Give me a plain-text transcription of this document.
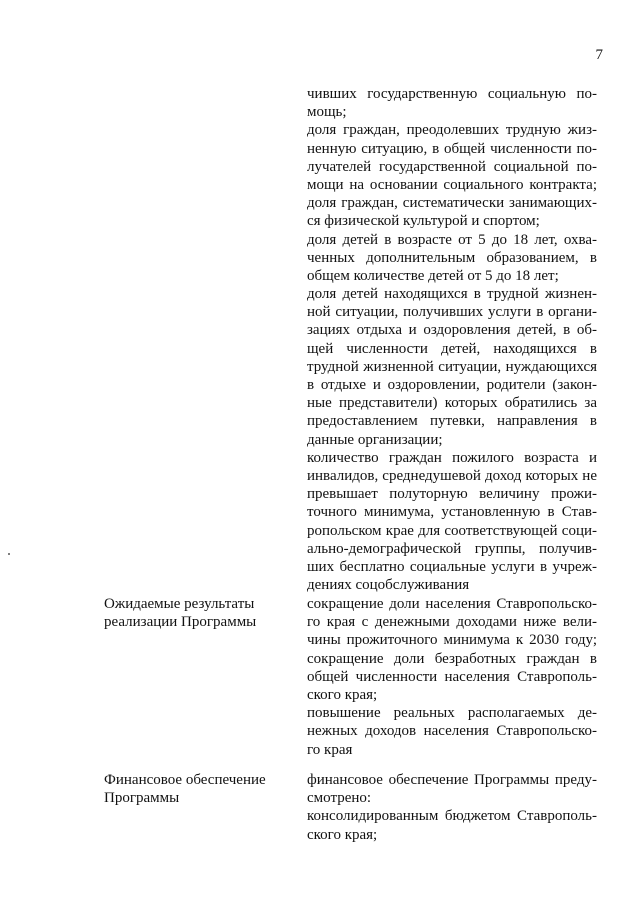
7
чивших государственную социальную по-
мощь;
доля граждан, преодолевших трудную жиз-
ненную ситуацию, в общей численности по-
лучателей государственной социальной по-
мощи на основании социального контракта;
доля граждан, систематически занимающих-
ся физической культурой и спортом;
доля детей в возрасте от 5 до 18 лет, охва-
ченных дополнительным образованием, в
общем количестве детей от 5 до 18 лет;
доля детей находящихся в трудной жизнен-
ной ситуации, получивших услуги в органи-
зациях отдыха и оздоровления детей, в об-
щей численности детей, находящихся в
трудной жизненной ситуации, нуждающихся
в отдыхе и оздоровлении, родители (закон-
ные представители) которых обратились за
предоставлением путевки, направления в
данные организации;
количество граждан пожилого возраста и
инвалидов, среднедушевой доход которых не
превышает полуторную величину прожи-
точного минимума, установленную в Став-
ропольском крае для соответствующей соци-
ально-демографической группы, получив-
ших бесплатно социальные услуги в учреж-
дениях соцобслуживания
Ожидаемые результаты
реализации Программы
сокращение доли населения Ставропольско-
го края с денежными доходами ниже вели-
чины прожиточного минимума к 2030 году;
сокращение доли безработных граждан в
общей численности населения Ставрополь-
ского края;
повышение реальных располагаемых де-
нежных доходов населения Ставропольско-
го края
Финансовое обеспечение
Программы
финансовое обеспечение Программы преду-
смотрено:
консолидированным бюджетом Ставрополь-
ского края;
